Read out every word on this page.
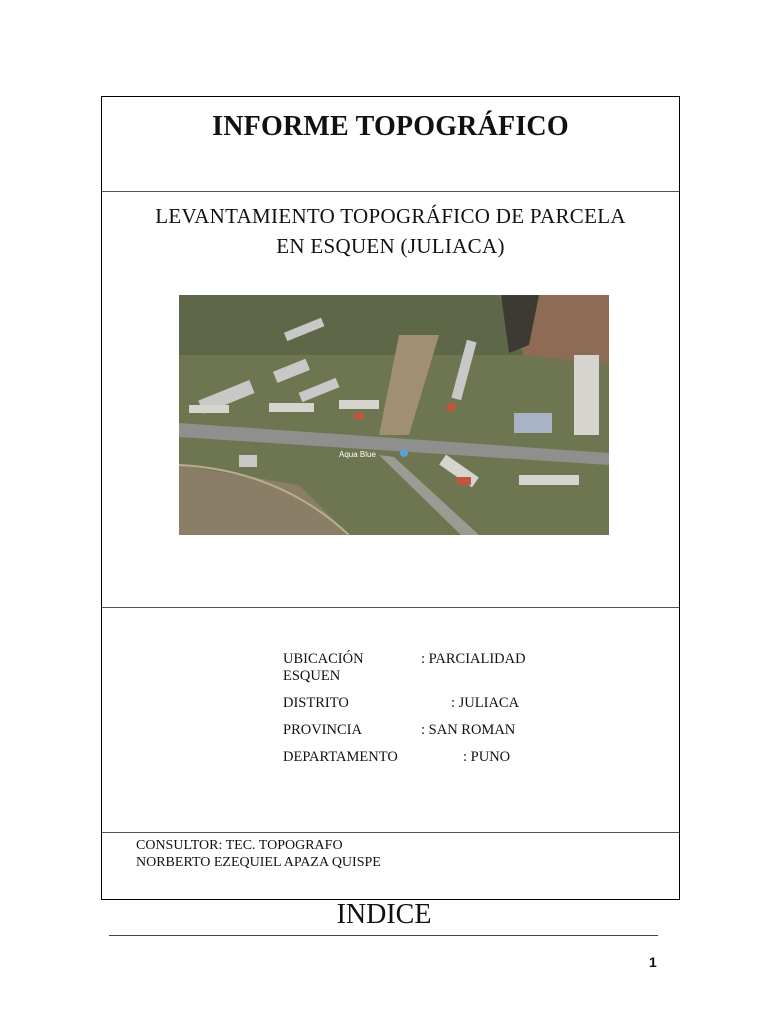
INFORME TOPOGRÁFICO
LEVANTAMIENTO TOPOGRÁFICO DE PARCELA
EN ESQUEN (JULIACA)
Aqua Blue
UBICACIÓN	: PARCIALIDAD
ESQUEN
DISTRITO	: JULIACA
PROVINCIA	: SAN ROMAN
DEPARTAMENTO	: PUNO
CONSULTOR: TEC. TOPOGRAFO
NORBERTO EZEQUIEL APAZA QUISPE
INDICE
1
